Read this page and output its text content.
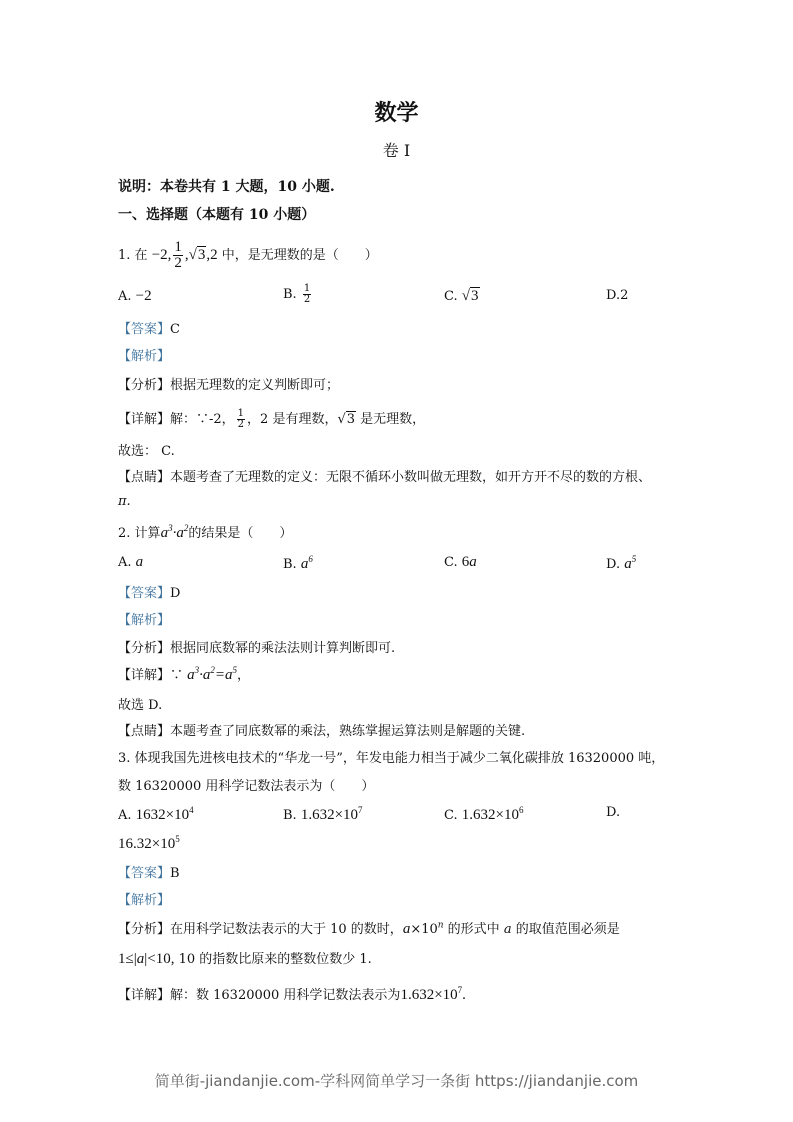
数学
卷 I
说明：本卷共有 1 大题，10 小题.
一、选择题（本题有 10 小题）
1. 在 −2, $\frac{1}{2} ,√3,2$ 中，是无理数的是（　　）
A. −2	B. $\frac{1}{2}$	C. √3	D.2
【答案】C
【解析】
【分析】根据无理数的定义判断即可；
【详解】解：∵-2， $\frac{1}{2}$ ，2 是有理数，√3 是无理数，
故选： C.
【点睛】本题考查了无理数的定义：无限不循环小数叫做无理数，如开方开不尽的数的方根、
π.
2. 计算$a^3\cdot a^2$的结果是（　　）
A. a	B. $a^6$	C. 6a	D. $a^5$
【答案】D
【解析】
【分析】根据同底数幂的乘法法则计算判断即可.
【详解】∵ $a^3\cdot a^2=a^5$，
故选 D.
【点睛】本题考查了同底数幂的乘法，熟练掌握运算法则是解题的关键.
3. 体现我国先进核电技术的“华龙一号”，年发电能力相当于减少二氧化碳排放 16320000 吨，
数 16320000 用科学记数法表示为（　　）
A. $1632\times 10^4$	B. $1.632\times 10^7$	C. $1.632\times 10^6$	D.
$16.32\times 10^5$
【答案】B
【解析】
【分析】在用科学记数法表示的大于 10 的数时，$a\times 10^n$ 的形式中 a 的取值范围必须是
1≤|a|<10, 10 的指数比原来的整数位数少 1.
【详解】解：数 16320000 用科学记数法表示为$1.632\times 10^7$.
简单街-jiandanjie.com-学科网简单学习一条街 https://jiandanjie.com
